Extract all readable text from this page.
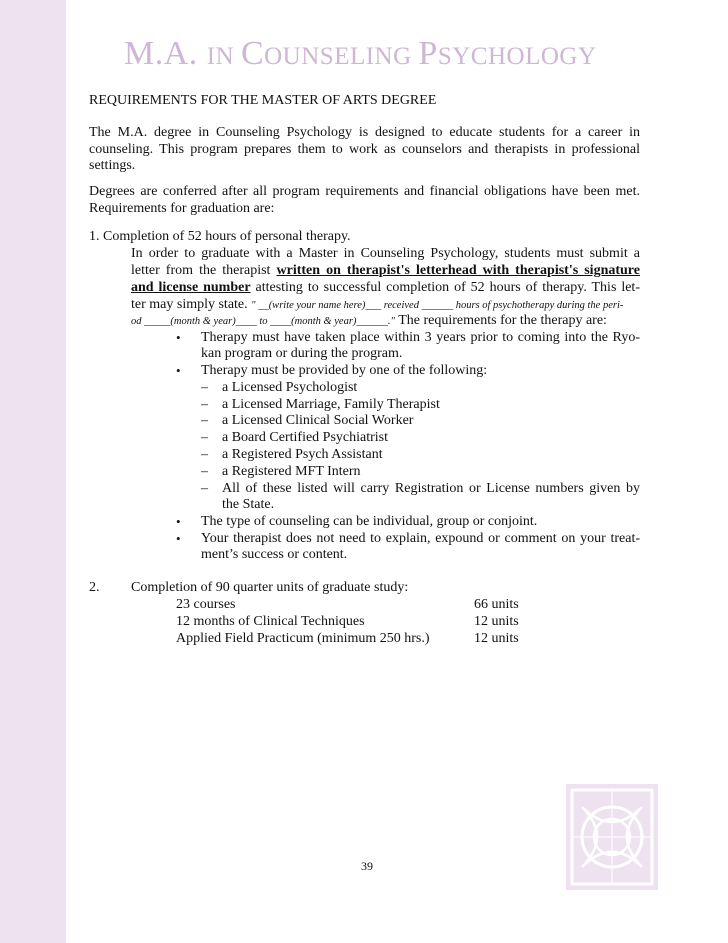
M.A. IN COUNSELING PSYCHOLOGY
REQUIREMENTS FOR THE MASTER OF ARTS DEGREE
The M.A. degree in Counseling Psychology is designed to educate students for a career in counseling. This program prepares them to work as counselors and therapists in professional settings.
Degrees are conferred after all program requirements and financial obligations have been met. Requirements for graduation are:
1. Completion of 52 hours of personal therapy.
In order to graduate with a Master in Counseling Psychology, students must submit a
letter from the therapist written on therapist's letterhead with therapist's signature
and license number attesting to successful completion of 52 hours of therapy. This let-
ter may simply state. " __(write your name here)___ received ______ hours of psychotherapy during the peri-
od _____(month & year)____ to ____(month & year)______." The requirements for the therapy are:
• Therapy must have taken place within 3 years prior to coming into the Ryo-
kan program or during the program.
• Therapy must be provided by one of the following:
– a Licensed Psychologist
– a Licensed Marriage, Family Therapist
– a Licensed Clinical Social Worker
– a Board Certified Psychiatrist
– a Registered Psych Assistant
– a Registered MFT Intern
– All of these listed will carry Registration or License numbers given by
the State.
• The type of counseling can be individual, group or conjoint.
• Your therapist does not need to explain, expound or comment on your treat-
ment’s success or content.
2. Completion of 90 quarter units of graduate study:
23 courses	66 units
12 months of Clinical Techniques	12 units
Applied Field Practicum (minimum 250 hrs.)	12 units
39
